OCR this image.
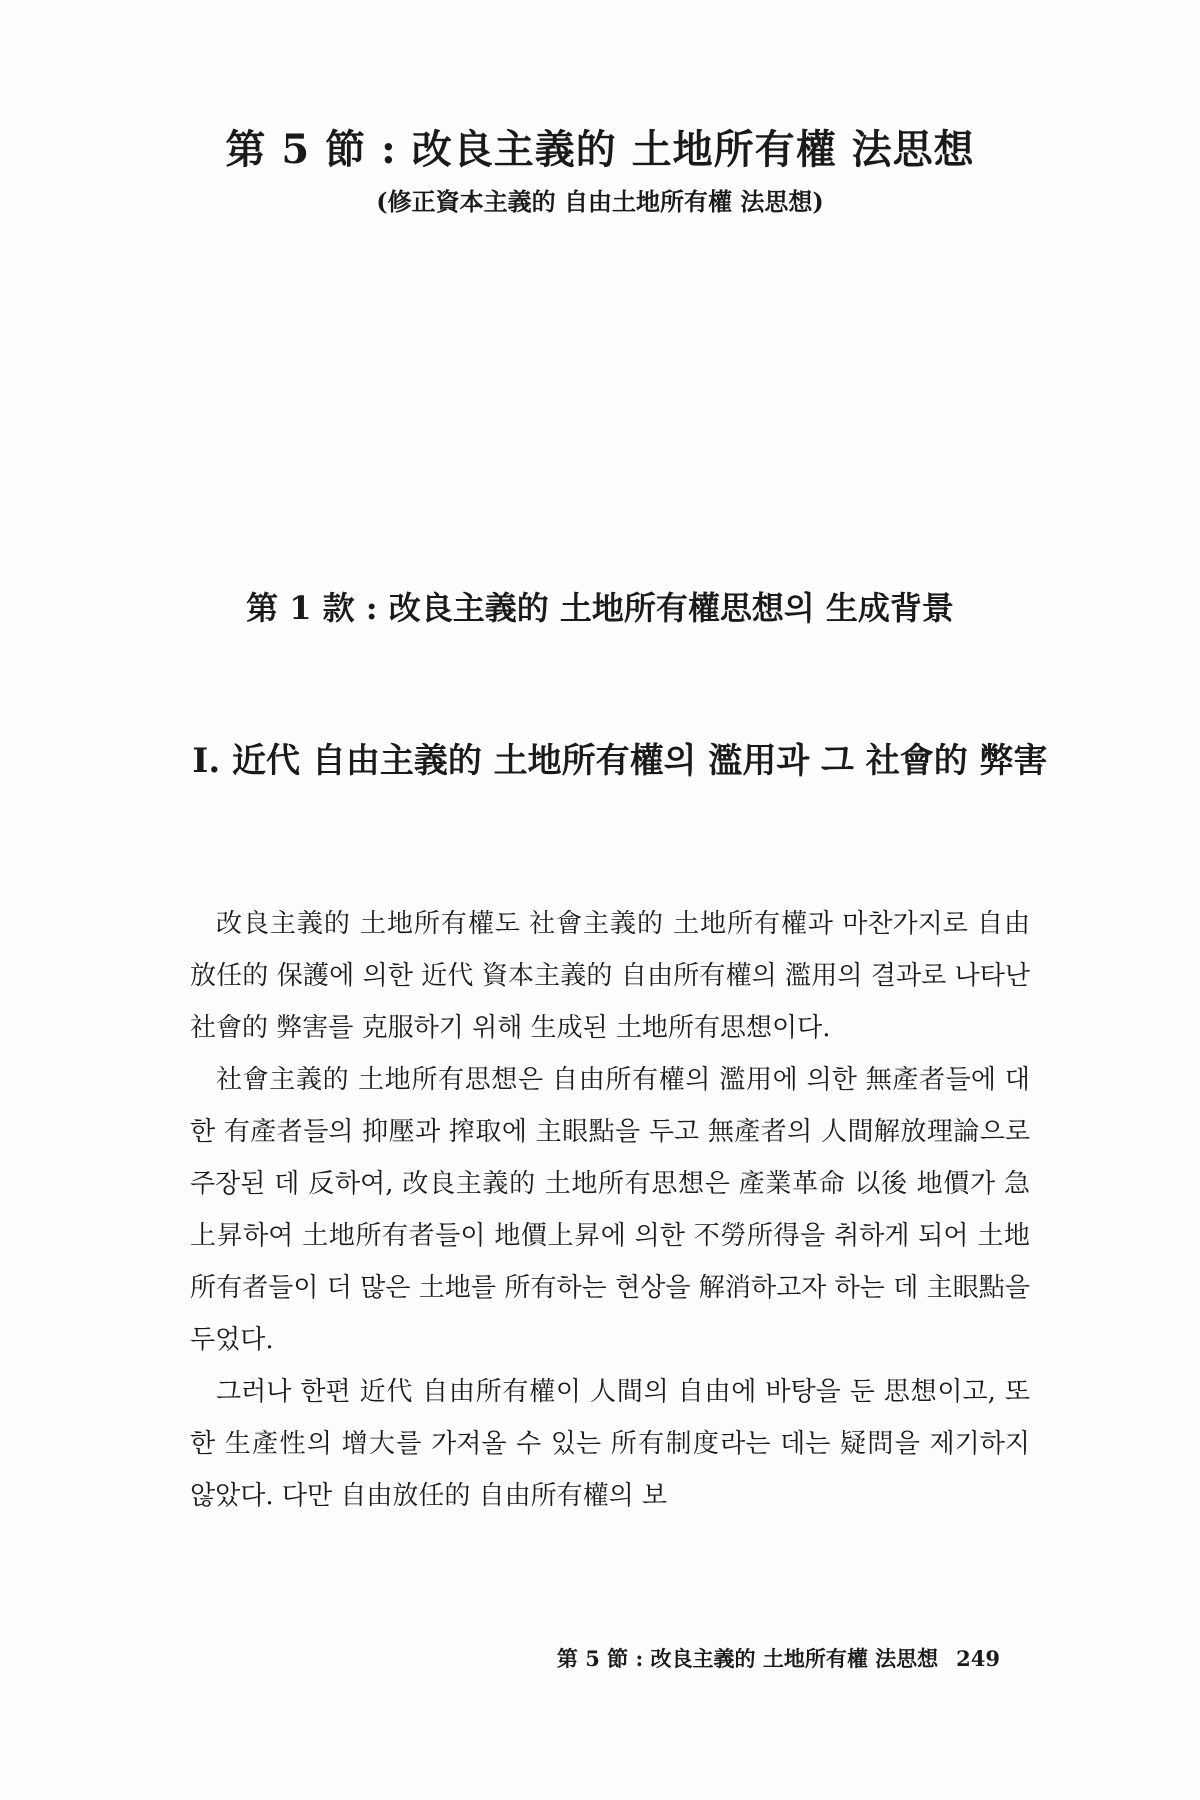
第 5 節 : 改良主義的 土地所有權 法思想
(修正資本主義的 自由土地所有權 法思想)
第 1 款 : 改良主義的 土地所有權思想의 生成背景
Ⅰ. 近代 自由主義的 土地所有權의 濫用과 그 社會的 弊害

改良主義的 土地所有權도 社會主義的 土地所有權과 마찬가지로 自由放任的 保護에 의한 近代 資本主義的 自由所有權의 濫用의 결과로 나타난 社會的 弊害를 克服하기 위해 生成된 土地所有思想이다.

社會主義的 土地所有思想은 自由所有權의 濫用에 의한 無產者들에 대한 有產者들의 抑壓과 搾取에 主眼點을 두고 無產者의 人間解放理論으로 주장된 데 反하여, 改良主義的 土地所有思想은 產業革命 以後 地價가 急上昇하여 土地所有者들이 地價上昇에 의한 不勞所得을 취하게 되어 土地所有者들이 더 많은 土地를 所有하는 현상을 解消하고자 하는 데 主眼點을 두었다.

그러나 한편 近代 自由所有權이 人間의 自由에 바탕을 둔 思想이고, 또한 生產性의 增大를 가져올 수 있는 所有制度라는 데는 疑問을 제기하지 않았다. 다만 自由放任的 自由所有權의 보

第 5 節 : 改良主義的 土地所有權 法思想 249
